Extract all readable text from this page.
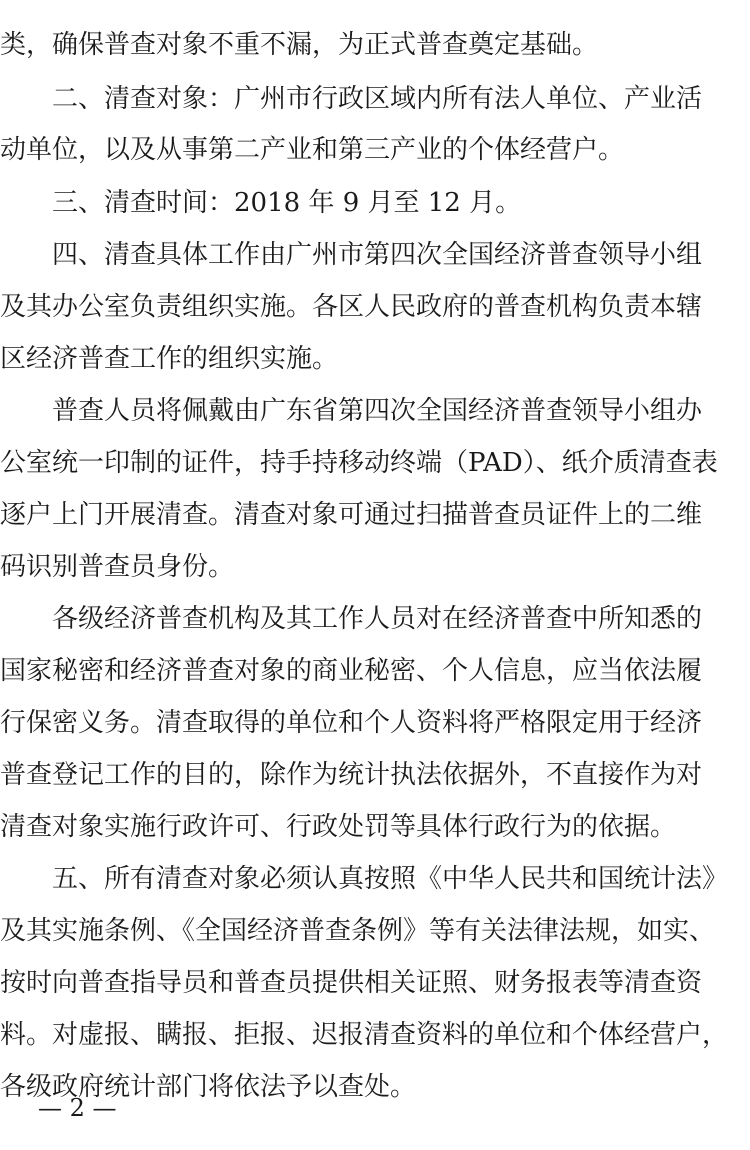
类，确保普查对象不重不漏，为正式普查奠定基础。
　　二、清查对象：广州市行政区域内所有法人单位、产业活
动单位，以及从事第二产业和第三产业的个体经营户。
　　三、清查时间：2018 年 9 月至 12 月。
　　四、清查具体工作由广州市第四次全国经济普查领导小组
及其办公室负责组织实施。各区人民政府的普查机构负责本辖
区经济普查工作的组织实施。
　　普查人员将佩戴由广东省第四次全国经济普查领导小组办
公室统一印制的证件，持手持移动终端（PAD）、纸介质清查表
逐户上门开展清查。清查对象可通过扫描普查员证件上的二维
码识别普查员身份。
　　各级经济普查机构及其工作人员对在经济普查中所知悉的
国家秘密和经济普查对象的商业秘密、个人信息，应当依法履
行保密义务。清查取得的单位和个人资料将严格限定用于经济
普查登记工作的目的，除作为统计执法依据外，不直接作为对
清查对象实施行政许可、行政处罚等具体行政行为的依据。
　　五、所有清查对象必须认真按照《中华人民共和国统计法》
及其实施条例、《全国经济普查条例》等有关法律法规，如实、
按时向普查指导员和普查员提供相关证照、财务报表等清查资
料。对虚报、瞒报、拒报、迟报清查资料的单位和个体经营户，
各级政府统计部门将依法予以查处。
— 2 —
